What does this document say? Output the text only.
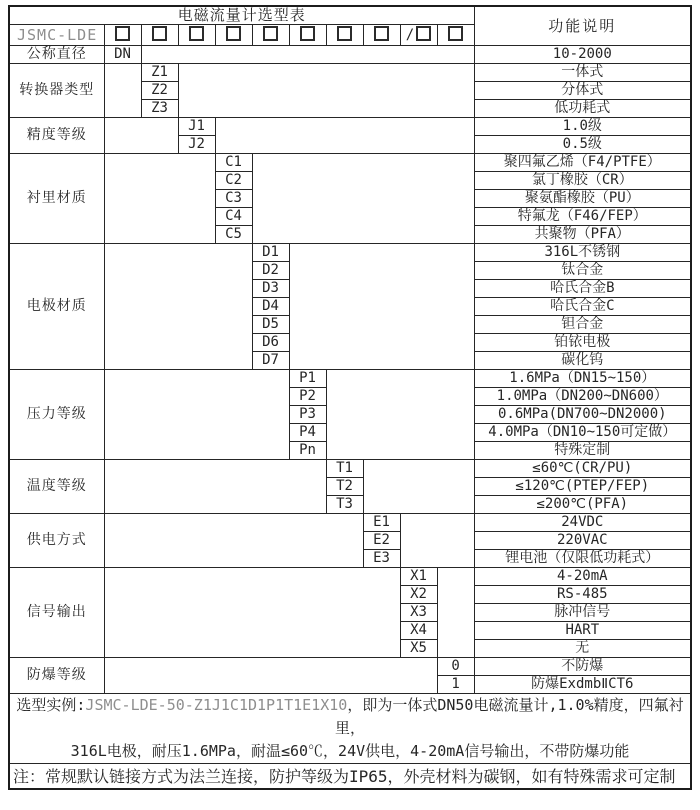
电磁流量计选型表											功能说明
JSMC-LDE									/		
公称直径	DN										10-2000
转换器类型		Z1									一体式
		Z2									分体式
		Z3									低功耗式
精度等级			J1								1.0级
			J2								0.5级
衬里材质				C1							聚四氟乙烯（F4/PTFE）
				C2							氯丁橡胶（CR）
				C3							聚氨酯橡胶（PU）
				C4							特氟龙（F46/FEP）
				C5							共聚物（PFA）
电极材质					D1						316L不锈钢
					D2						钛合金
					D3						哈氏合金B
					D4						哈氏合金C
					D5						钽合金
					D6						铂铱电极
					D7						碳化钨
压力等级						P1					1.6MPa（DN15~150）
						P2					1.0MPa（DN200~DN600）
						P3					0.6MPa(DN700~DN2000)
						P4					4.0MPa（DN10~150可定做）
						Pn					特殊定制
温度等级							T1				≤60℃(CR/PU)
							T2				≤120℃(PTEP/FEP)
							T3				≤200℃(PFA)
供电方式								E1			24VDC
								E2			220VAC
								E3			锂电池（仅限低功耗式）
信号输出									X1		4-20mA
									X2		RS-485
									X3		脉冲信号
									X4		HART
									X5		无
防爆等级										0	不防爆
										1	防爆ExdmbⅡCT6

选型实例:JSMC-LDE-50-Z1J1C1D1P1T1E1X10，即为一体式DN50电磁流量计,1.0%精度，四氟衬里，
316L电极，耐压1.6MPa，耐温≤60℃，24V供电，4-20mA信号输出，不带防爆功能											

注：常规默认链接方式为法兰连接，防护等级为IP65，外壳材料为碳钢，如有特殊需求可定制											
